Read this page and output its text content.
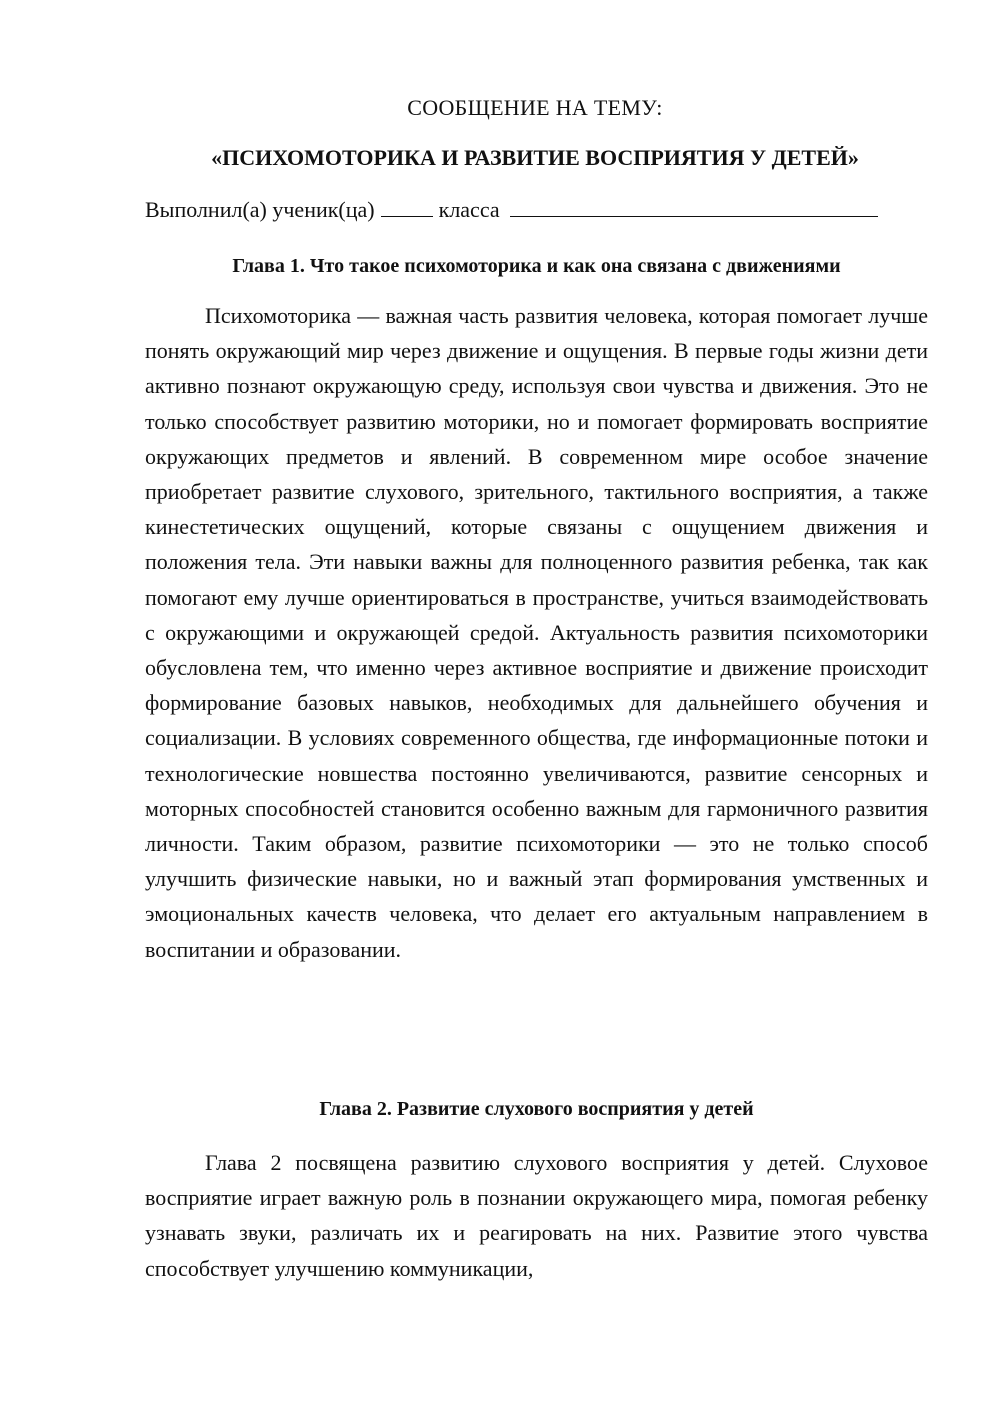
СООБЩЕНИЕ НА ТЕМУ:
«ПСИХОМОТОРИКА И РАЗВИТИЕ ВОСПРИЯТИЯ У ДЕТЕЙ»
Выполнил(а) ученик(ца)	класса
Глава 1. Что такое психомоторика и как она связана с движениями

Психомоторика — важная часть развития человека, которая помогает лучше понять окружающий мир через движение и ощущения. В первые годы жизни дети активно познают окружающую среду, используя свои чувства и движения. Это не только способствует развитию моторики, но и помогает формировать восприятие окружающих предметов и явлений. В современном мире особое значение приобретает развитие слухового, зрительного, тактильного восприятия, а также кинестетических ощущений, которые связаны с ощущением движения и положения тела. Эти навыки важны для полноценного развития ребенка, так как помогают ему лучше ориентироваться в пространстве, учиться взаимодействовать с окружающими и окружающей средой. Актуальность развития психомоторики обусловлена тем, что именно через активное восприятие и движение происходит формирование базовых навыков, необходимых для дальнейшего обучения и социализации. В условиях современного общества, где информационные потоки и технологические новшества постоянно увеличиваются, развитие сенсорных и моторных способностей становится особенно важным для гармоничного развития личности. Таким образом, развитие психомоторики — это не только способ улучшить физические навыки, но и важный этап формирования умственных и эмоциональных качеств человека, что делает его актуальным направлением в воспитании и образовании.

Глава 2. Развитие слухового восприятия у детей

Глава 2 посвящена развитию слухового восприятия у детей. Слуховое восприятие играет важную роль в познании окружающего мира, помогая ребенку узнавать звуки, различать их и реагировать на них. Развитие этого чувства способствует улучшению коммуникации,
